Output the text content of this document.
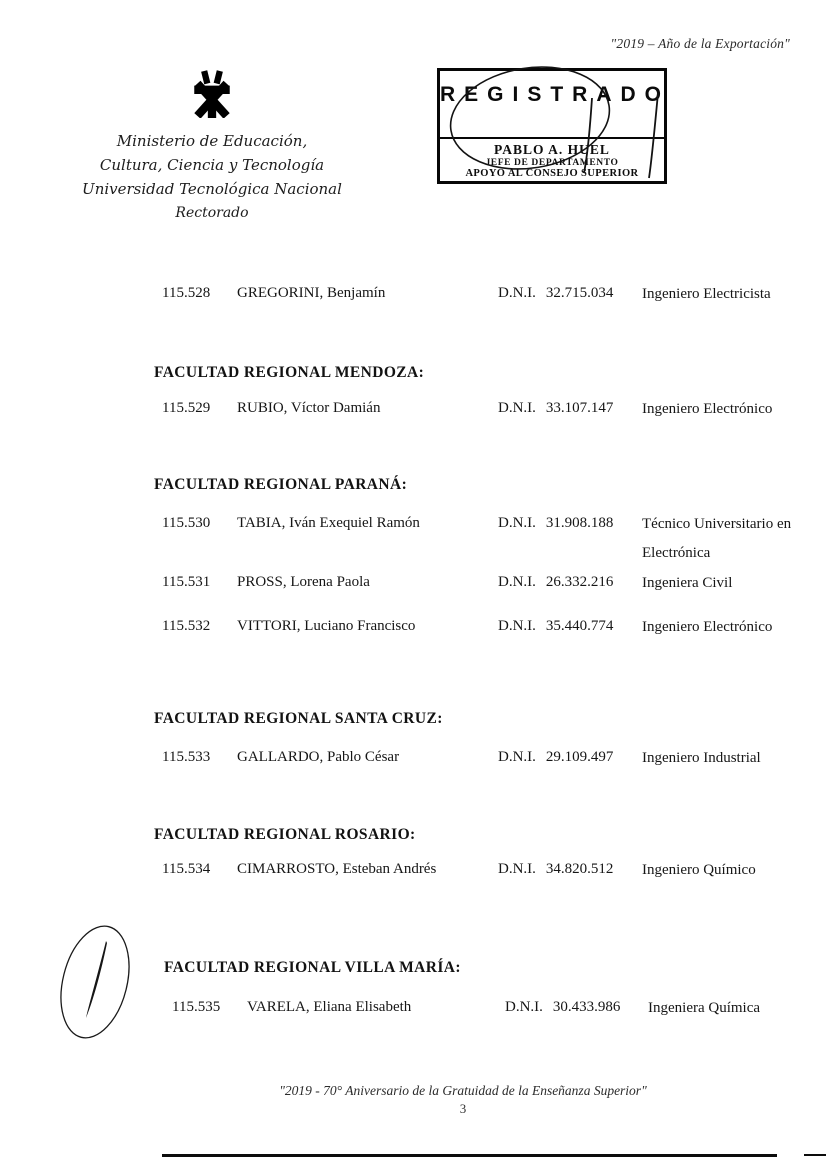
"2019 – Año de la Exportación"
Ministerio de Educación,
Cultura, Ciencia y Tecnología
Universidad Tecnológica Nacional
Rectorado
REGISTRADO
PABLO A. HUEL
JEFE DE DEPARTAMENTO
APOYO AL CONSEJO SUPERIOR
115.528	GREGORINI, Benjamín	D.N.I. 32.715.034 Ingeniero Electricista
FACULTAD REGIONAL MENDOZA:
115.529	RUBIO, Víctor Damián	D.N.I. 33.107.147 Ingeniero Electrónico
FACULTAD REGIONAL PARANÁ:
115.530	TABIA, Iván Exequiel Ramón	D.N.I. 31.908.188 Técnico Universitario en Electrónica
115.531	PROSS, Lorena Paola	D.N.I. 26.332.216 Ingeniera Civil
115.532	VITTORI, Luciano Francisco	D.N.I. 35.440.774 Ingeniero Electrónico
FACULTAD REGIONAL SANTA CRUZ:
115.533	GALLARDO, Pablo César	D.N.I. 29.109.497 Ingeniero Industrial
FACULTAD REGIONAL ROSARIO:
115.534	CIMARROSTO, Esteban Andrés	D.N.I. 34.820.512 Ingeniero Químico
FACULTAD REGIONAL VILLA MARÍA:
115.535	VARELA, Eliana Elisabeth	D.N.I. 30.433.986 Ingeniera Química
"2019 - 70° Aniversario de la Gratuidad de la Enseñanza Superior"
3
